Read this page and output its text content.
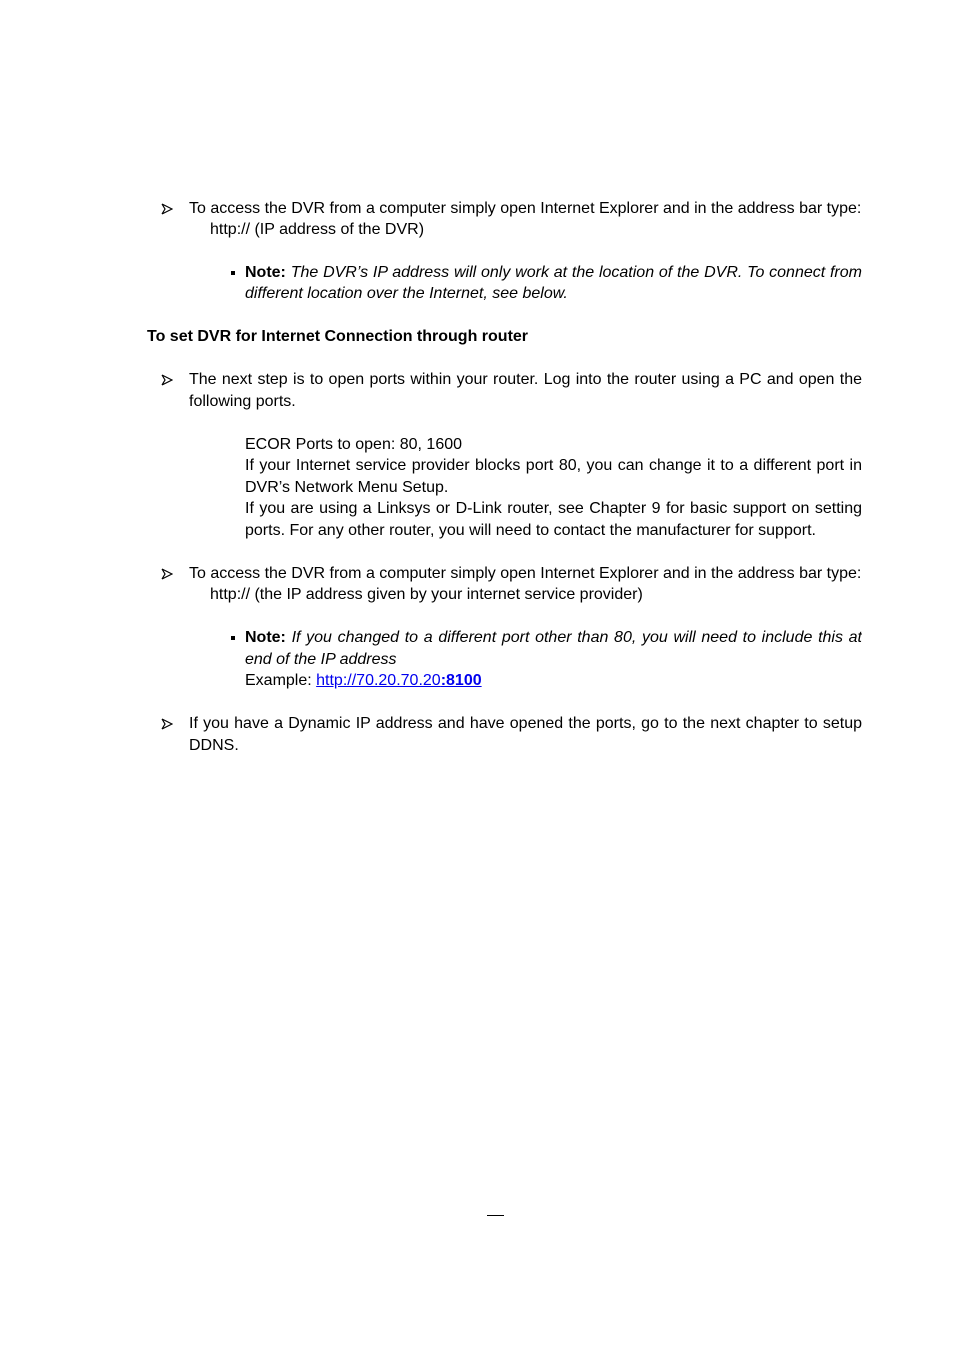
To access the DVR from a computer simply open Internet Explorer and in the address bar type:
http:// (IP address of the DVR)
Note: The DVR’s IP address will only work at the location of the DVR. To connect from
different location over the Internet, see below.
To set DVR for Internet Connection through router
The next step is to open ports within your router. Log into the router using a PC and open the
following ports.
ECOR Ports to open: 80, 1600
If your Internet service provider blocks port 80, you can change it to a different port in
DVR’s Network Menu Setup.
If you are using a Linksys or D-Link router, see Chapter 9 for basic support on setting
ports. For any other router, you will need to contact the manufacturer for support.
To access the DVR from a computer simply open Internet Explorer and in the address bar type:
http:// (the IP address given by your internet service provider)
Note: If you changed to a different port other than 80, you will need to include this at
end of the IP address
Example: http://70.20.70.20:8100
If you have a Dynamic IP address and have opened the ports, go to the next chapter to setup
DDNS.
